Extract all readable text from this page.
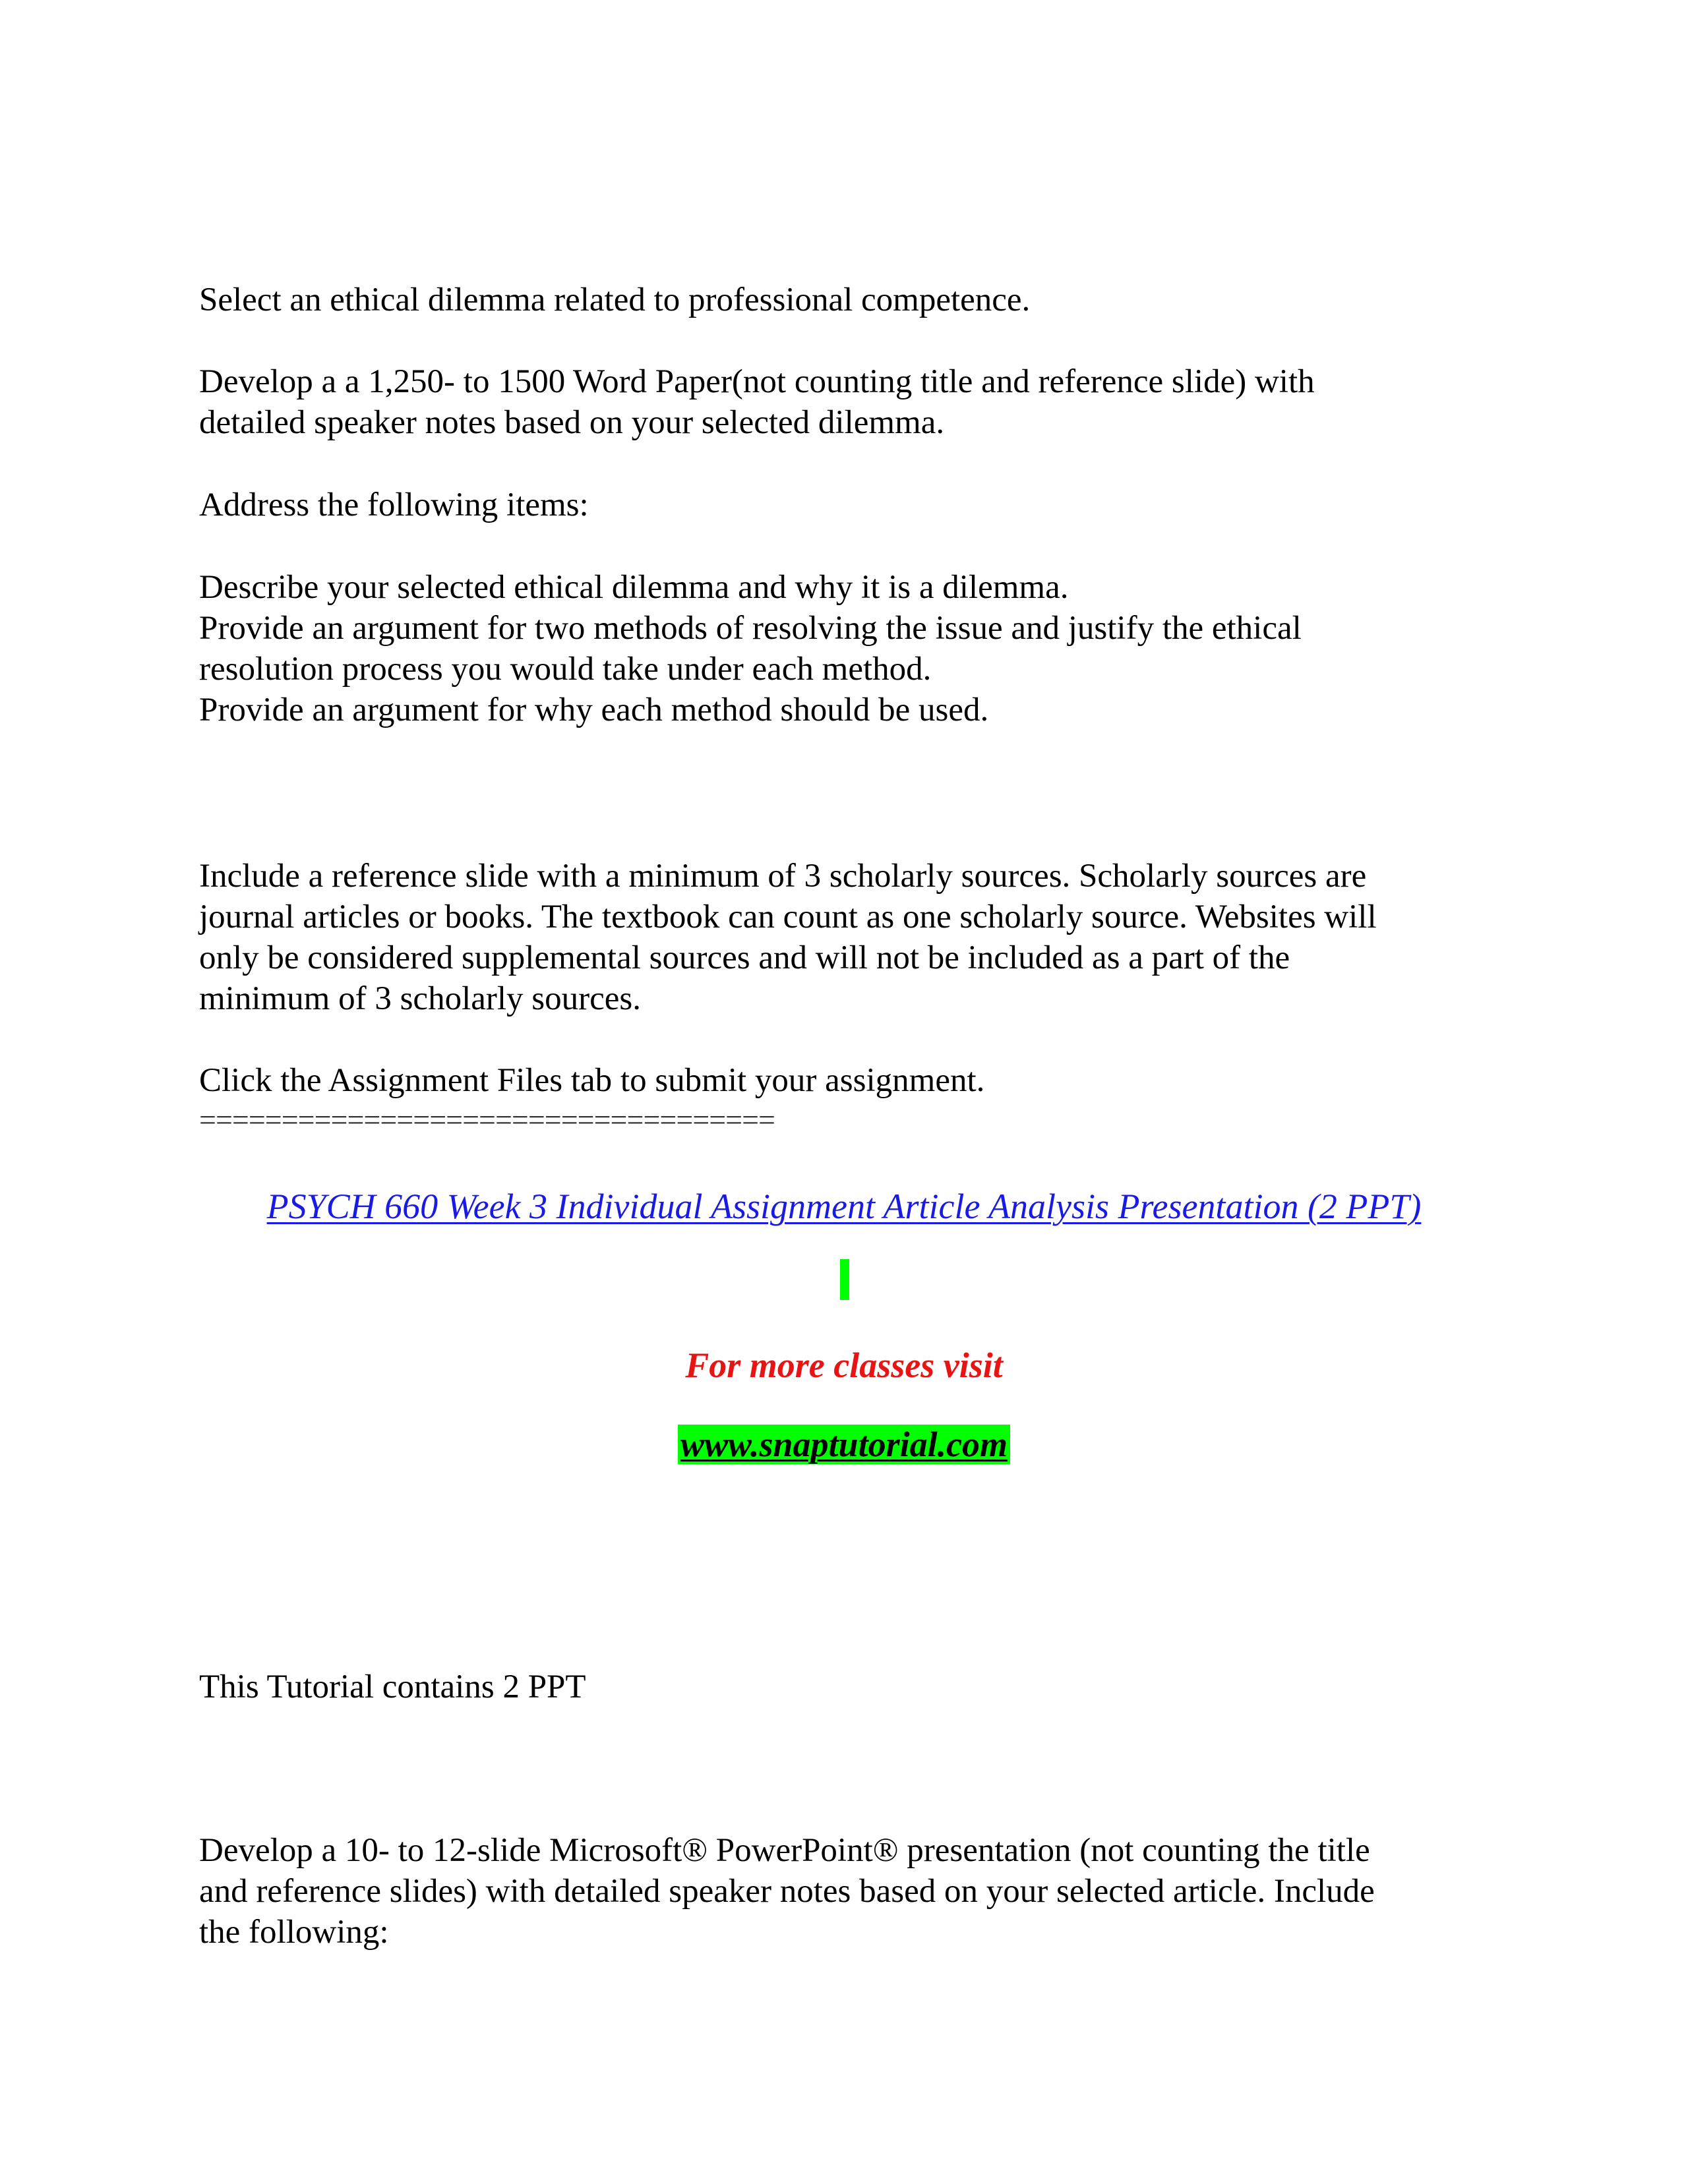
Select an ethical dilemma related to professional competence.

Develop a a 1,250- to 1500 Word Paper(not counting title and reference slide) with
detailed speaker notes based on your selected dilemma.

Address the following items:

Describe your selected ethical dilemma and why it is a dilemma.
Provide an argument for two methods of resolving the issue and justify the ethical
resolution process you would take under each method.
Provide an argument for why each method should be used.

Include a reference slide with a minimum of 3 scholarly sources. Scholarly sources are
journal articles or books. The textbook can count as one scholarly source. Websites will
only be considered supplemental sources and will not be included as a part of the
minimum of 3 scholarly sources.

Click the Assignment Files tab to submit your assignment.

===================================

PSYCH 660 Week 3 Individual Assignment Article Analysis Presentation (2 PPT)

For more classes visit

www.snaptutorial.com

This Tutorial contains 2 PPT

Develop a 10- to 12-slide Microsoft® PowerPoint® presentation (not counting the title
and reference slides) with detailed speaker notes based on your selected article. Include
the following:
